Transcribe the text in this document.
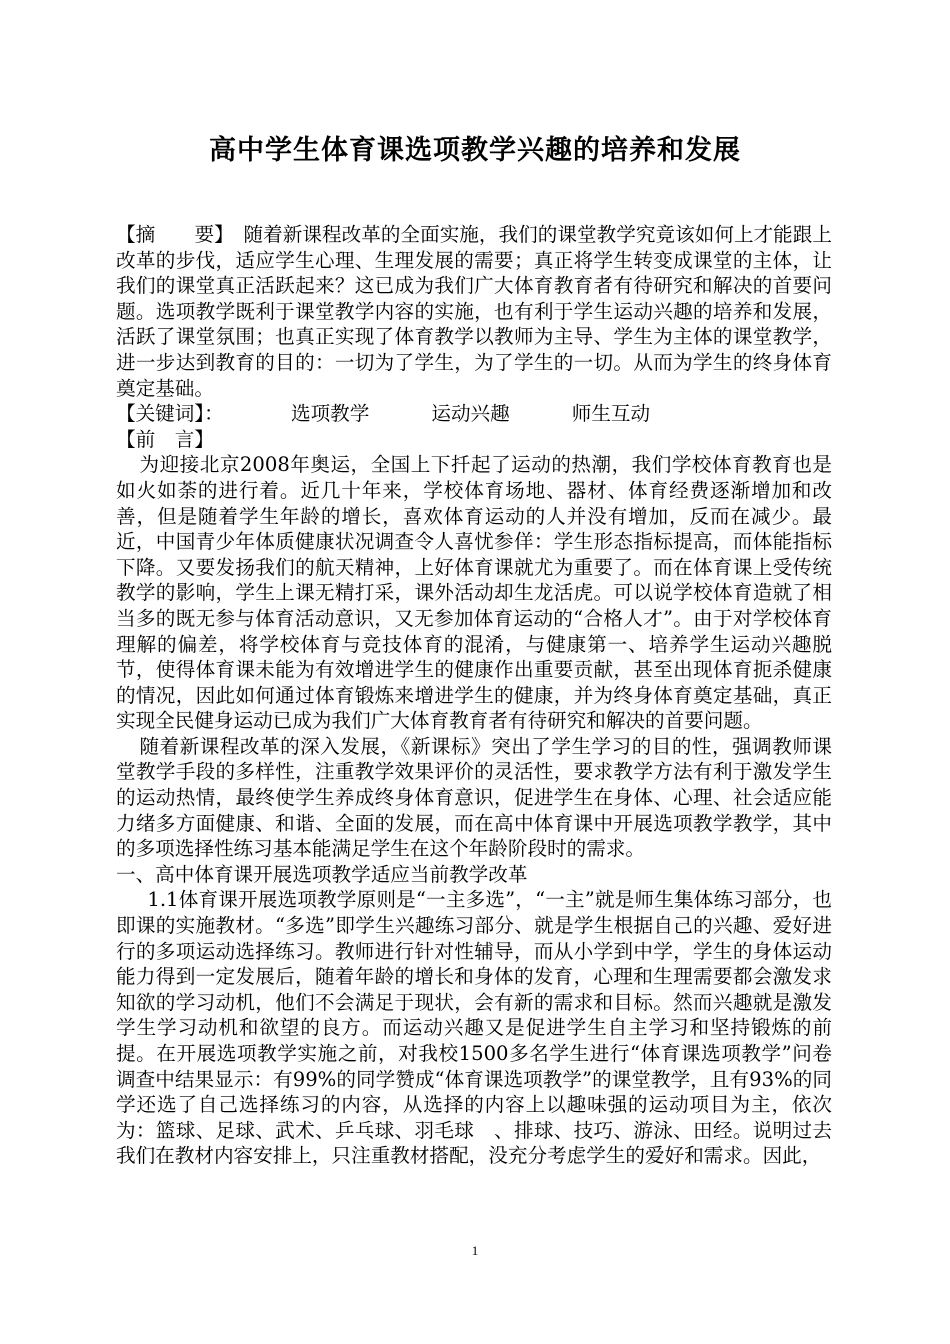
高中学生体育课选项教学兴趣的培养和发展

【摘　　要】　随着新课程改革的全面实施，我们的课堂教学究竟该如何上才能跟上改革的步伐，适应学生心理、生理发展的需要；真正将学生转变成课堂的主体，让我们的课堂真正活跃起来？这已成为我们广大体育教育者有待研究和解决的首要问题。选项教学既利于课堂教学内容的实施，也有利于学生运动兴趣的培养和发展，活跃了课堂氛围；也真正实现了体育教学以教师为主导、学生为主体的课堂教学，进一步达到教育的目的：一切为了学生，为了学生的一切。从而为学生的终身体育奠定基础。

【关键词】：	选项教学	运动兴趣	师生互动

【前　言】

为迎接北京2008年奥运，全国上下扦起了运动的热潮，我们学校体育教育也是如火如荼的进行着。近几十年来，学校体育场地、器材、体育经费逐渐增加和改善，但是随着学生年龄的增长，喜欢体育运动的人并没有增加，反而在减少。最近，中国青少年体质健康状况调查令人喜忧参佯：学生形态指标提高，而体能指标下降。又要发扬我们的航天精神，上好体育课就尤为重要了。而在体育课上受传统教学的影响，学生上课无精打采，课外活动却生龙活虎。可以说学校体育造就了相当多的既无参与体育活动意识，又无参加体育运动的“合格人才”。由于对学校体育理解的偏差，将学校体育与竞技体育的混淆，与健康第一、培养学生运动兴趣脱节，使得体育课未能为有效增进学生的健康作出重要贡献，甚至出现体育扼杀健康的情况，因此如何通过体育锻炼来增进学生的健康，并为终身体育奠定基础，真正实现全民健身运动已成为我们广大体育教育者有待研究和解决的首要问题。

随着新课程改革的深入发展，《新课标》突出了学生学习的目的性，强调教师课堂教学手段的多样性，注重教学效果评价的灵活性，要求教学方法有利于激发学生的运动热情，最终使学生养成终身体育意识，促进学生在身体、心理、社会适应能力绪多方面健康、和谐、全面的发展，而在高中体育课中开展选项教学教学，其中的多项选择性练习基本能满足学生在这个年龄阶段时的需求。

一、高中体育课开展选项教学适应当前教学改革

1.1体育课开展选项教学原则是“一主多选”，“一主”就是师生集体练习部分，也即课的实施教材。“多选”即学生兴趣练习部分、就是学生根据自己的兴趣、爱好进行的多项运动选择练习。教师进行针对性辅导，而从小学到中学，学生的身体运动能力得到一定发展后，随着年龄的增长和身体的发育，心理和生理需要都会激发求知欲的学习动机，他们不会满足于现状，会有新的需求和目标。然而兴趣就是激发学生学习动机和欲望的良方。而运动兴趣又是促进学生自主学习和坚持锻炼的前提。在开展选项教学实施之前，对我校1500多名学生进行“体育课选项教学”问卷调查中结果显示：有99%的同学赞成“体育课选项教学”的课堂教学，且有93%的同学还选了自己选择练习的内容，从选择的内容上以趣味强的运动项目为主，依次为：篮球、足球、武术、乒乓球、羽毛球　、排球、技巧、游泳、田经。说明过去我们在教材内容安排上，只注重教材搭配，没充分考虑学生的爱好和需求。因此，

1
